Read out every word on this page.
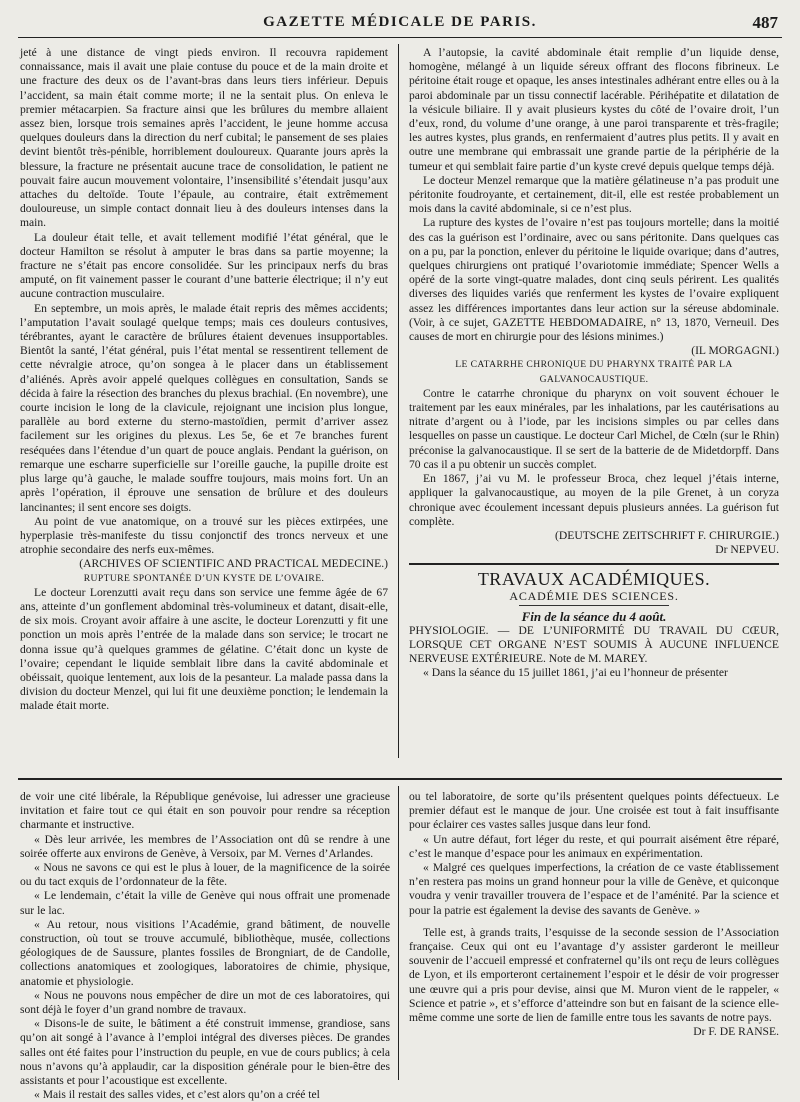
GAZETTE MÉDICALE DE PARIS.	487

jeté à une distance de vingt pieds environ. Il recouvra rapidement connaissance, mais il avait une plaie contuse du pouce et de la main droite et une fracture des deux os de l’avant-bras dans leurs tiers inférieur. Depuis l’accident, sa main était comme morte; il ne la sentait plus. On enleva le premier métacarpien. Sa fracture ainsi que les brûlures du membre allaient assez bien, lorsque trois semaines après l’accident, le jeune homme accusa quelques douleurs dans la direction du nerf cubital; le pansement de ses plaies devint bientôt très-pénible, horriblement douloureux. Quarante jours après la blessure, la fracture ne présentait aucune trace de consolidation, le patient ne pouvait faire aucun mouvement volontaire, l’insensibilité s’étendait jusqu’aux attaches du deltoïde. Toute l’épaule, au contraire, était extrêmement douloureuse, un simple contact donnait lieu à des douleurs intenses dans la main.

La douleur était telle, et avait tellement modifié l’état général, que le docteur Hamilton se résolut à amputer le bras dans sa partie moyenne; la fracture ne s’était pas encore consolidée. Sur les principaux nerfs du bras amputé, on fit vainement passer le courant d’une batterie électrique; il n’y eut aucune contraction musculaire.

En septembre, un mois après, le malade était repris des mêmes accidents; l’amputation l’avait soulagé quelque temps; mais ces douleurs contusives, térébrantes, ayant le caractère de brûlures étaient devenues insupportables. Bientôt la santé, l’état général, puis l’état mental se ressentirent tellement de cette névralgie atroce, qu’on songea à le placer dans un établissement d’aliénés. Après avoir appelé quelques collègues en consultation, Sands se décida à faire la résection des branches du plexus brachial. (En novembre), une courte incision le long de la clavicule, rejoignant une incision plus longue, parallèle au bord externe du sterno-mastoïdien, permit d’arriver assez facilement sur les origines du plexus. Les 5e, 6e et 7e branches furent reséquées dans l’étendue d’un quart de pouce anglais. Pendant la guérison, on remarque une escharre superficielle sur l’oreille gauche, la pupille droite est plus large qu’à gauche, le malade souffre toujours, mais moins fort. Un an après l’opération, il éprouve une sensation de brûlure et des douleurs lancinantes; il sent encore ses doigts.

Au point de vue anatomique, on a trouvé sur les pièces extirpées, une hyperplasie très-manifeste du tissu conjonctif des troncs nerveux et une atrophie secondaire des nerfs eux-mêmes.

(ARCHIVES OF SCIENTIFIC AND PRACTICAL MEDECINE.)

RUPTURE SPONTANÉE D’UN KYSTE DE L’OVAIRE.

Le docteur Lorenzutti avait reçu dans son service une femme âgée de 67 ans, atteinte d’un gonflement abdominal très-volumineux et datant, disait-elle, de six mois. Croyant avoir affaire à une ascite, le docteur Lorenzutti y fit une ponction un mois après l’entrée de la malade dans son service; le trocart ne donna issue qu’à quelques grammes de gélatine. C’était donc un kyste de l’ovaire; cependant le liquide semblait libre dans la cavité abdominale et obéissait, quoique lentement, aux lois de la pesanteur. La malade passa dans la division du docteur Menzel, qui lui fit une deuxième ponction; le lendemain la malade était morte.

A l’autopsie, la cavité abdominale était remplie d’un liquide dense, homogène, mélangé à un liquide séreux offrant des flocons fibrineux. Le péritoine était rouge et opaque, les anses intestinales adhérant entre elles ou à la paroi abdominale par un tissu connectif lacérable. Périhépatite et dilatation de la vésicule biliaire. Il y avait plusieurs kystes du côté de l’ovaire droit, l’un d’eux, rond, du volume d’une orange, à une paroi transparente et très-fragile; les autres kystes, plus grands, en renfermaient d’autres plus petits. Il y avait en outre une membrane qui embrassait une grande partie de la périphérie de la tumeur et qui semblait faire partie d’un kyste crevé depuis quelque temps déjà.

Le docteur Menzel remarque que la matière gélatineuse n’a pas produit une péritonite foudroyante, et certainement, dit-il, elle est restée probablement un mois dans la cavité abdominale, si ce n’est plus.

La rupture des kystes de l’ovaire n’est pas toujours mortelle; dans la moitié des cas la guérison est l’ordinaire, avec ou sans péritonite. Dans quelques cas on a pu, par la ponction, enlever du péritoine le liquide ovarique; dans d’autres, quelques chirurgiens ont pratiqué l’ovariotomie immédiate; Spencer Wells a opéré de la sorte vingt-quatre malades, dont cinq seuls périrent. Les qualités diverses des liquides variés que renferment les kystes de l’ovaire expliquent assez les différences importantes dans leur action sur la séreuse abdominale. (Voir, à ce sujet, GAZETTE HEBDOMADAIRE, n° 13, 1870, Verneuil. Des causes de mort en chirurgie pour des lésions minimes.)

(IL MORGAGNI.)

LE CATARRHE CHRONIQUE DU PHARYNX TRAITÉ PAR LA GALVANOCAUSTIQUE.

Contre le catarrhe chronique du pharynx on voit souvent échouer le traitement par les eaux minérales, par les inhalations, par les cautérisations au nitrate d’argent ou à l’iode, par les incisions simples ou par celles dans lesquelles on passe un caustique. Le docteur Carl Michel, de Cœln (sur le Rhin) préconise la galvanocaustique. Il se sert de la batterie de de Midetdorpff. Dans 70 cas il a pu obtenir un succès complet.

En 1867, j’ai vu M. le professeur Broca, chez lequel j’étais interne, appliquer la galvanocaustique, au moyen de la pile Grenet, à un coryza chronique avec écoulement incessant depuis plusieurs années. La guérison fut complète.

(DEUTSCHE ZEITSCHRIFT F. CHIRURGIE.)

Dr NEPVEU.

TRAVAUX ACADÉMIQUES.

ACADÉMIE DES SCIENCES.

Fin de la séance du 4 août.

PHYSIOLOGIE. — DE L’UNIFORMITÉ DU TRAVAIL DU CŒUR, LORSQUE CET ORGANE N’EST SOUMIS À AUCUNE INFLUENCE NERVEUSE EXTÉRIEURE. Note de M. MAREY.

« Dans la séance du 15 juillet 1861, j’ai eu l’honneur de présenter

de voir une cité libérale, la République genévoise, lui adresser une gracieuse invitation et faire tout ce qui était en son pouvoir pour rendre sa réception charmante et instructive.

« Dès leur arrivée, les membres de l’Association ont dû se rendre à une soirée offerte aux environs de Genève, à Versoix, par M. Vernes d’Arlandes.

« Nous ne savons ce qui est le plus à louer, de la magnificence de la soirée ou du tact exquis de l’ordonnateur de la fête.

« Le lendemain, c’était la ville de Genève qui nous offrait une promenade sur le lac.

« Au retour, nous visitions l’Académie, grand bâtiment, de nouvelle construction, où tout se trouve accumulé, bibliothèque, musée, collections géologiques de de Saussure, plantes fossiles de Brongniart, de de Candolle, collections anatomiques et zoologiques, laboratoires de chimie, physique, anatomie et physiologie.

« Nous ne pouvons nous empêcher de dire un mot de ces laboratoires, qui sont déjà le foyer d’un grand nombre de travaux.

« Disons-le de suite, le bâtiment a été construit immense, grandiose, sans qu’on ait songé à l’avance à l’emploi intégral des diverses pièces. De grandes salles ont été faites pour l’instruction du peuple, en vue de cours publics; à cela nous n’avons qu’à applaudir, car la disposition générale pour le bien-être des assistants et pour l’acoustique est excellente.

« Mais il restait des salles vides, et c’est alors qu’on a créé tel

ou tel laboratoire, de sorte qu’ils présentent quelques points défectueux. Le premier défaut est le manque de jour. Une croisée est tout à fait insuffisante pour éclairer ces vastes salles jusque dans leur fond.

« Un autre défaut, fort léger du reste, et qui pourrait aisément être réparé, c’est le manque d’espace pour les animaux en expérimentation.

« Malgré ces quelques imperfections, la création de ce vaste établissement n’en restera pas moins un grand honneur pour la ville de Genève, et quiconque voudra y venir travailler trouvera de l’espace et de l’aménité. Par la science et pour la patrie est également la devise des savants de Genève. »

Telle est, à grands traits, l’esquisse de la seconde session de l’Association française. Ceux qui ont eu l’avantage d’y assister garderont le meilleur souvenir de l’accueil empressé et confraternel qu’ils ont reçu de leurs collègues de Lyon, et ils emporteront certainement l’espoir et le désir de voir progresser une œuvre qui a pris pour devise, ainsi que M. Muron vient de le rappeler, « Science et patrie », et s’efforce d’atteindre son but en faisant de la science elle-même comme une sorte de lien de famille entre tous les savants de notre pays.

Dr F. DE RANSE.
